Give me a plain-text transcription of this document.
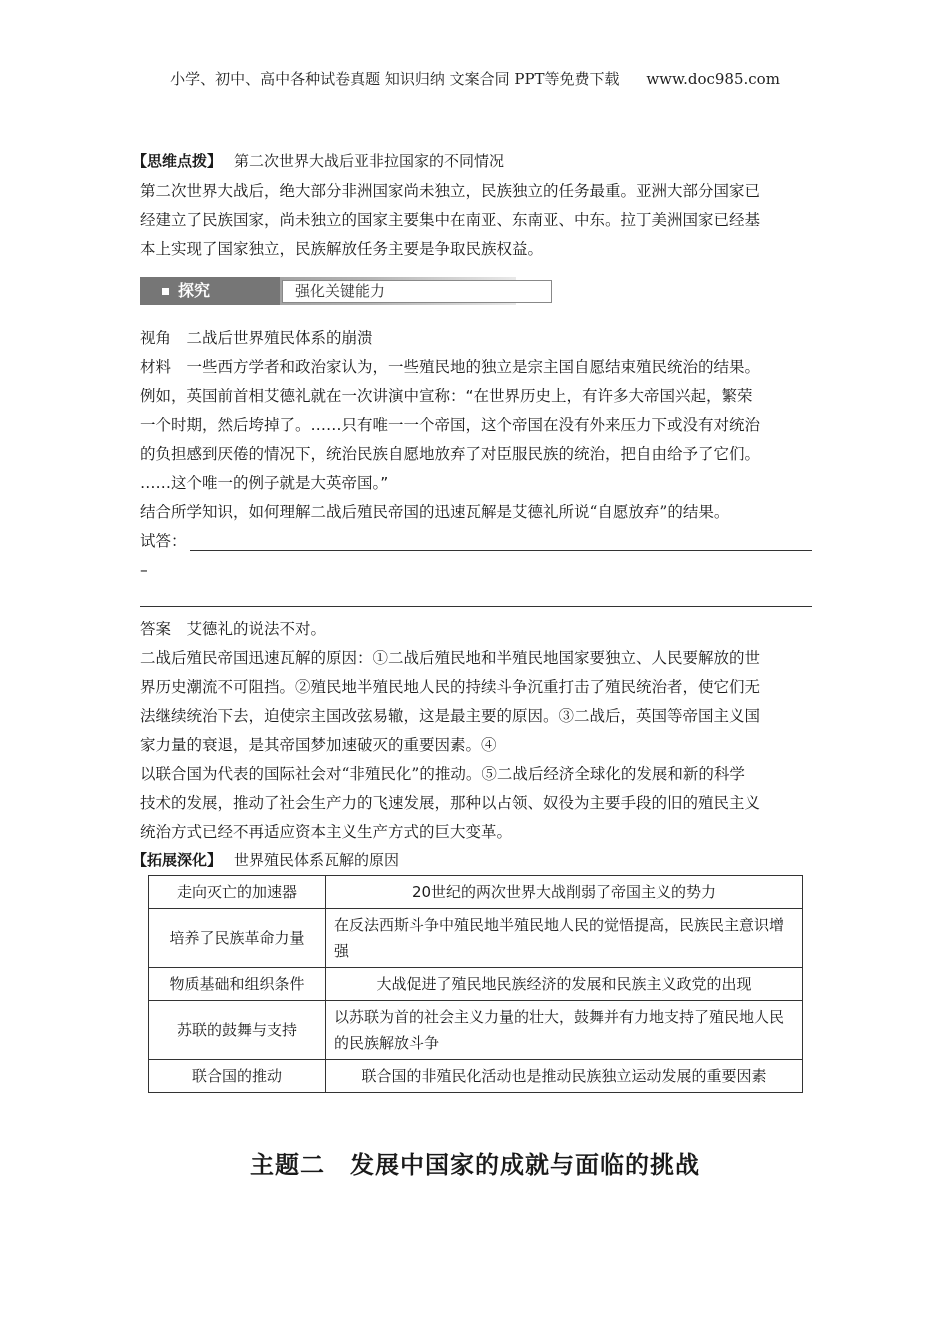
小学、初中、高中各种试卷真题 知识归纳 文案合同 PPT等免费下载 www.doc985.com
【思维点拨】 第二次世界大战后亚非拉国家的不同情况

第二次世界大战后，绝大部分非洲国家尚未独立，民族独立的任务最重。亚洲大部分国家已

经建立了民族国家，尚未独立的国家主要集中在南亚、东南亚、中东。拉丁美洲国家已经基

本上实现了国家独立，民族解放任务主要是争取民族权益。

探究	强化关键能力

视角　二战后世界殖民体系的崩溃

材料　一些西方学者和政治家认为，一些殖民地的独立是宗主国自愿结束殖民统治的结果。

例如，英国前首相艾德礼就在一次讲演中宣称：“在世界历史上，有许多大帝国兴起，繁荣

一个时期，然后垮掉了。……只有唯一一个帝国，这个帝国在没有外来压力下或没有对统治

的负担感到厌倦的情况下，统治民族自愿地放弃了对臣服民族的统治，把自由给予了它们。

……这个唯一的例子就是大英帝国。”

结合所学知识，如何理解二战后殖民帝国的迅速瓦解是艾德礼所说“自愿放弃”的结果。

试答：

–

答案　艾德礼的说法不对。

二战后殖民帝国迅速瓦解的原因：①二战后殖民地和半殖民地国家要独立、人民要解放的世

界历史潮流不可阻挡。②殖民地半殖民地人民的持续斗争沉重打击了殖民统治者，使它们无

法继续统治下去，迫使宗主国改弦易辙，这是最主要的原因。③二战后，英国等帝国主义国

家力量的衰退，是其帝国梦加速破灭的重要因素。④

以联合国为代表的国际社会对“非殖民化”的推动。⑤二战后经济全球化的发展和新的科学

技术的发展，推动了社会生产力的飞速发展，那种以占领、奴役为主要手段的旧的殖民主义

统治方式已经不再适应资本主义生产方式的巨大变革。

【拓展深化】 世界殖民体系瓦解的原因
走向灭亡的加速器	20世纪的两次世界大战削弱了帝国主义的势力
培养了民族革命力量	在反法西斯斗争中殖民地半殖民地人民的觉悟提高，民族民主意识增强
物质基础和组织条件	大战促进了殖民地民族经济的发展和民族主义政党的出现
苏联的鼓舞与支持	以苏联为首的社会主义力量的壮大，鼓舞并有力地支持了殖民地人民的民族解放斗争
联合国的推动	联合国的非殖民化活动也是推动民族独立运动发展的重要因素
主题二　发展中国家的成就与面临的挑战
